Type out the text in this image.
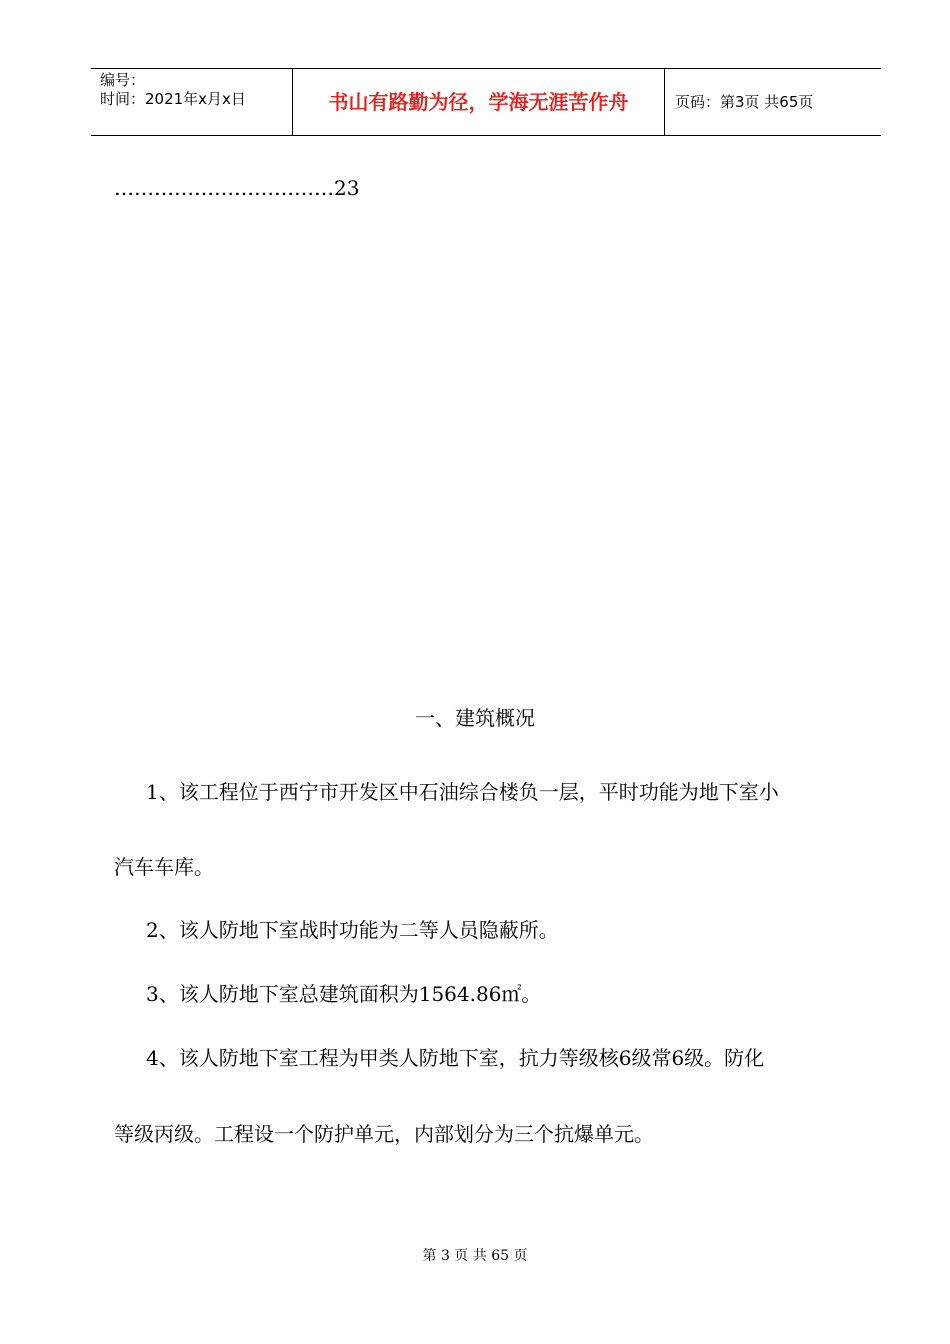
编号：
时间：2021年x月x日	书山有路勤为径，学海无涯苦作舟	页码：第3页 共65页
……………………………23
一、建筑概况
1、该工程位于西宁市开发区中石油综合楼负一层，平时功能为地下室小
汽车车库。
2、该人防地下室战时功能为二等人员隐蔽所。
3、该人防地下室总建筑面积为1564.86㎡。
4、该人防地下室工程为甲类人防地下室，抗力等级核6级常6级。防化
等级丙级。工程设一个防护单元，内部划分为三个抗爆单元。
第 3 页 共 65 页
